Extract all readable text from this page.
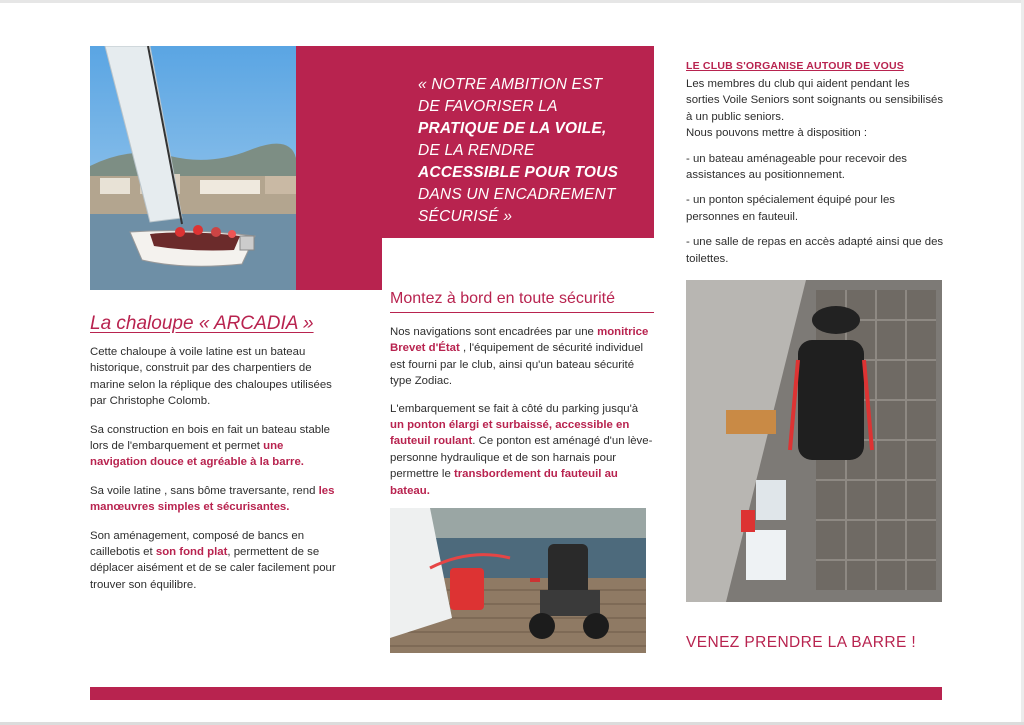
« NOTRE AMBITION EST
DE FAVORISER LA
PRATIQUE DE LA VOILE,
DE LA RENDRE
ACCESSIBLE POUR TOUS
DANS UN ENCADREMENT
SÉCURISÉ »
La chaloupe « ARCADIA »

Cette chaloupe à voile latine est un bateau historique, construit par des charpentiers de marine selon la réplique des chaloupes utilisées par Christophe Colomb.

Sa construction en bois en fait un bateau stable lors de l'embarquement et permet une navigation douce et agréable à la barre.

Sa voile latine , sans bôme traversante, rend les manœuvres simples et sécurisantes.

Son aménagement, composé de bancs en caillebotis et son fond plat, permettent de se déplacer aisément et de se caler facilement pour trouver son équilibre.

Montez à bord en toute sécurité

Nos navigations sont encadrées par une monitrice Brevet d'État , l'équipement de sécurité individuel est fourni par le club, ainsi qu'un bateau sécurité type Zodiac.

L'embarquement se fait à côté du parking jusqu'à un ponton élargi et surbaissé, accessible en fauteuil roulant. Ce ponton est aménagé d'un lève-personne hydraulique et de son harnais pour permettre le transbordement du fauteuil au bateau.

LE CLUB S'ORGANISE AUTOUR DE VOUS

Les membres du club qui aident pendant les sorties Voile Seniors sont soignants ou sensibilisés à un public seniors.

Nous pouvons mettre à disposition :

- un bateau aménageable pour recevoir des assistances au positionnement.

- un ponton spécialement équipé pour les personnes en fauteuil.

- une salle de repas en accès adapté ainsi que des toilettes.

VENEZ PRENDRE LA BARRE !
